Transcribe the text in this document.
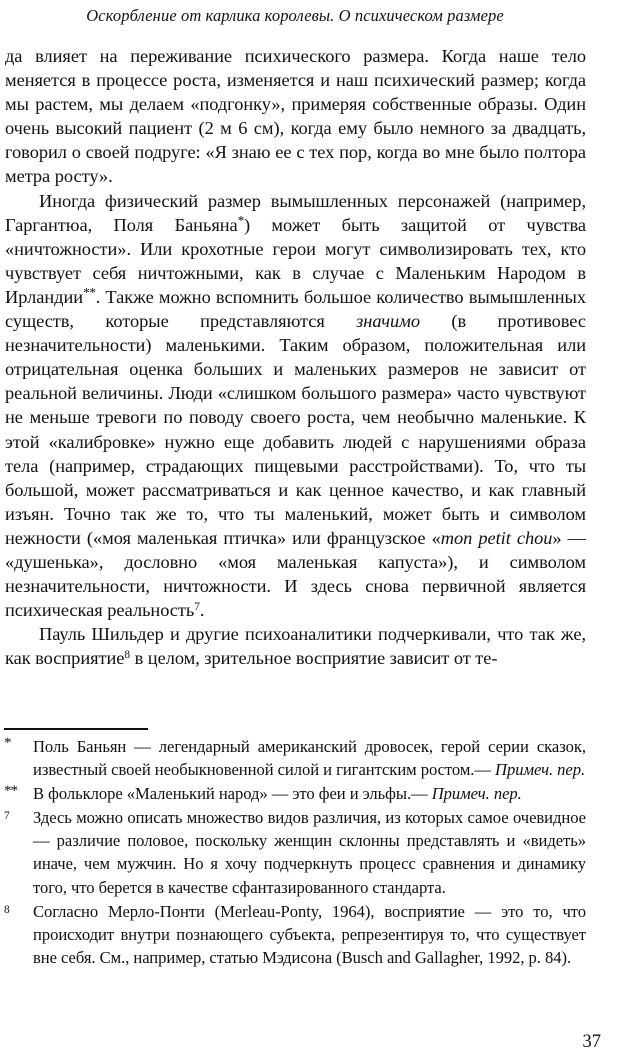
Оскорбление от карлика королевы. О психическом размере

да влияет на переживание психического размера. Когда наше тело меняется в процессе роста, изменяется и наш психический размер; когда мы растем, мы делаем «подгонку», примеряя собственные образы. Один очень высокий пациент (2 м 6 см), когда ему было немного за двадцать, говорил о своей подруге: «Я знаю ее с тех пор, когда во мне было полтора метра росту».

Иногда физический размер вымышленных персонажей (например, Гаргантюа, Поля Баньяна*) может быть защитой от чувства «ничтожности». Или крохотные герои могут символизировать тех, кто чувствует себя ничтожными, как в случае с Маленьким Народом в Ирландии**. Также можно вспомнить большое количество вымышленных существ, которые представляются значимо (в противовес незначительности) маленькими. Таким образом, положительная или отрицательная оценка больших и маленьких размеров не зависит от реальной величины. Люди «слишком большого размера» часто чувствуют не меньше тревоги по поводу своего роста, чем необычно маленькие. К этой «калибровке» нужно еще добавить людей с нарушениями образа тела (например, страдающих пищевыми расстройствами). То, что ты большой, может рассматриваться и как ценное качество, и как главный изъян. Точно так же то, что ты маленький, может быть и символом нежности («моя маленькая птичка» или французское «mon petit chou» — «душенька», дословно «моя маленькая капуста»), и символом незначительности, ничтожности. И здесь снова первичной является психическая реальность$^7$.

Пауль Шильдер и другие психоаналитики подчеркивали, что так же, как восприятие$^8$ в целом, зрительное восприятие зависит от те-

*	Поль Баньян — легендарный американский дровосек, герой серии сказок, известный своей необыкновенной силой и гигантским ростом.— Примеч. пер.

** В фольклоре «Маленький народ» — это феи и эльфы.— Примеч. пер.

7	Здесь можно описать множество видов различия, из которых самое очевидное — различие половое, поскольку женщин склонны представлять и «видеть» иначе, чем мужчин. Но я хочу подчеркнуть процесс сравнения и динамику того, что берется в качестве сфантазированного стандарта.

8	Согласно Мерло-Понти (Merleau-Ponty, 1964), восприятие — это то, что происходит внутри познающего субъекта, репрезентируя то, что существует вне себя. См., например, статью Мэдисона (Busch and Gallagher, 1992, p. 84).

37
